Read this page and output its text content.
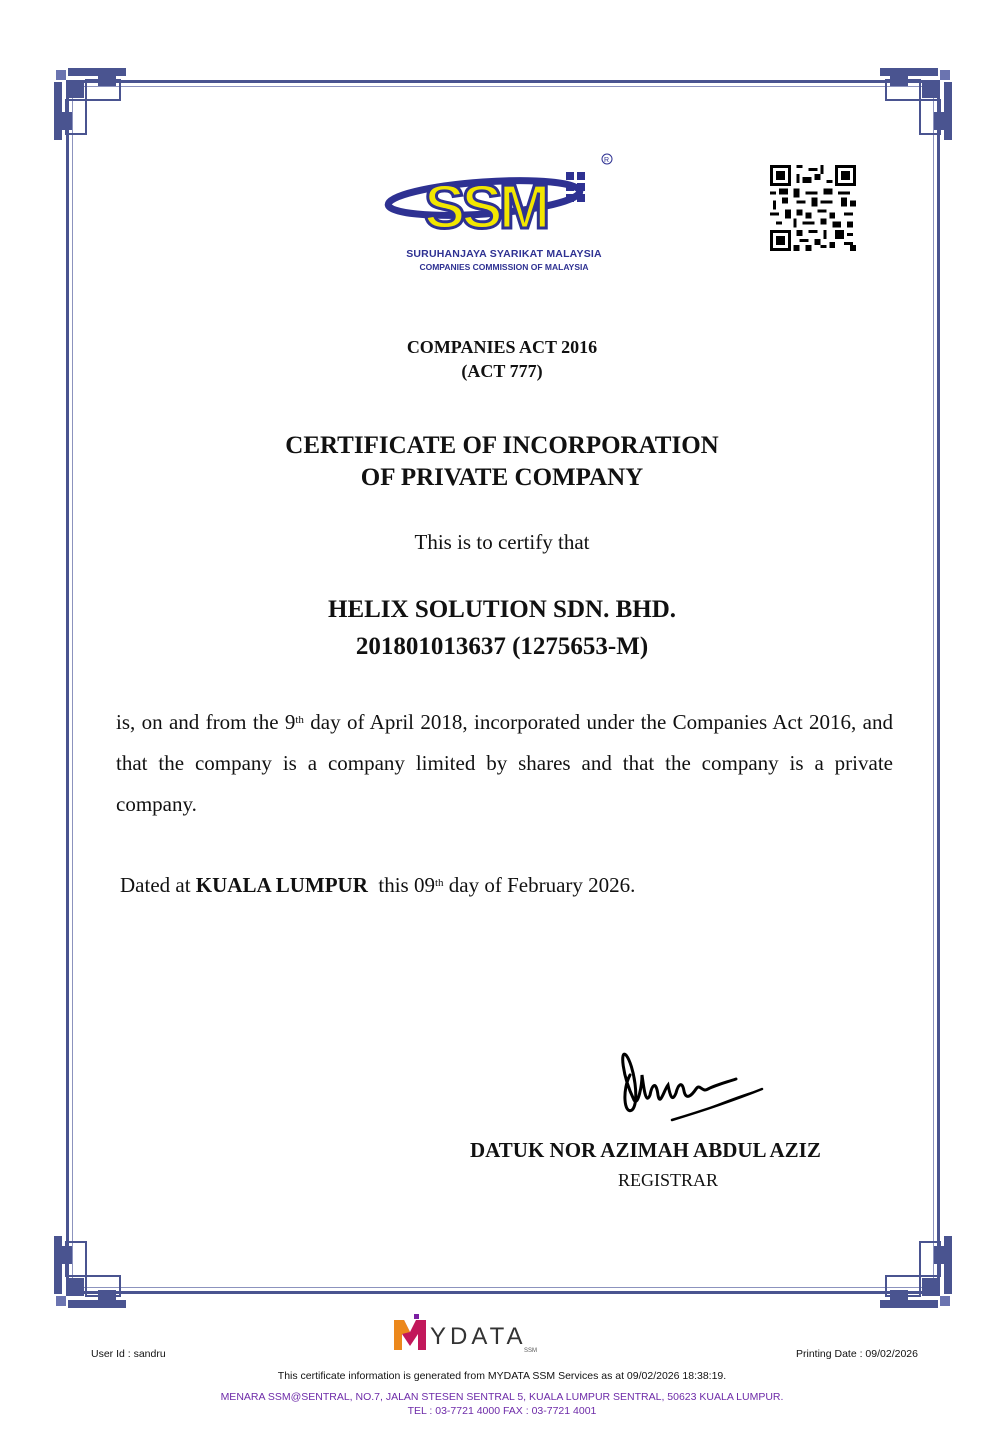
SSM
R
SURUHANJAYA SYARIKAT MALAYSIA
COMPANIES COMMISSION OF MALAYSIA
COMPANIES ACT 2016
(ACT 777)
CERTIFICATE OF INCORPORATION
OF PRIVATE COMPANY
This is to certify that
HELIX SOLUTION SDN. BHD.
201801013637 (1275653-M)
is, on and from the 9th day of April 2018, incorporated under the Companies Act 2016, and that the company is a company limited by shares and that the company is a private company.
Dated at KUALA LUMPUR  this 09th day of February 2026.
DATUK NOR AZIMAH ABDUL AZIZ
REGISTRAR
YDATA
SSM
User Id : sandru	Printing Date : 09/02/2026
This certificate information is generated from MYDATA SSM Services as at 09/02/2026 18:38:19.
MENARA SSM@SENTRAL, NO.7, JALAN STESEN SENTRAL 5, KUALA LUMPUR SENTRAL, 50623 KUALA LUMPUR.
TEL : 03-7721 4000 FAX : 03-7721 4001
